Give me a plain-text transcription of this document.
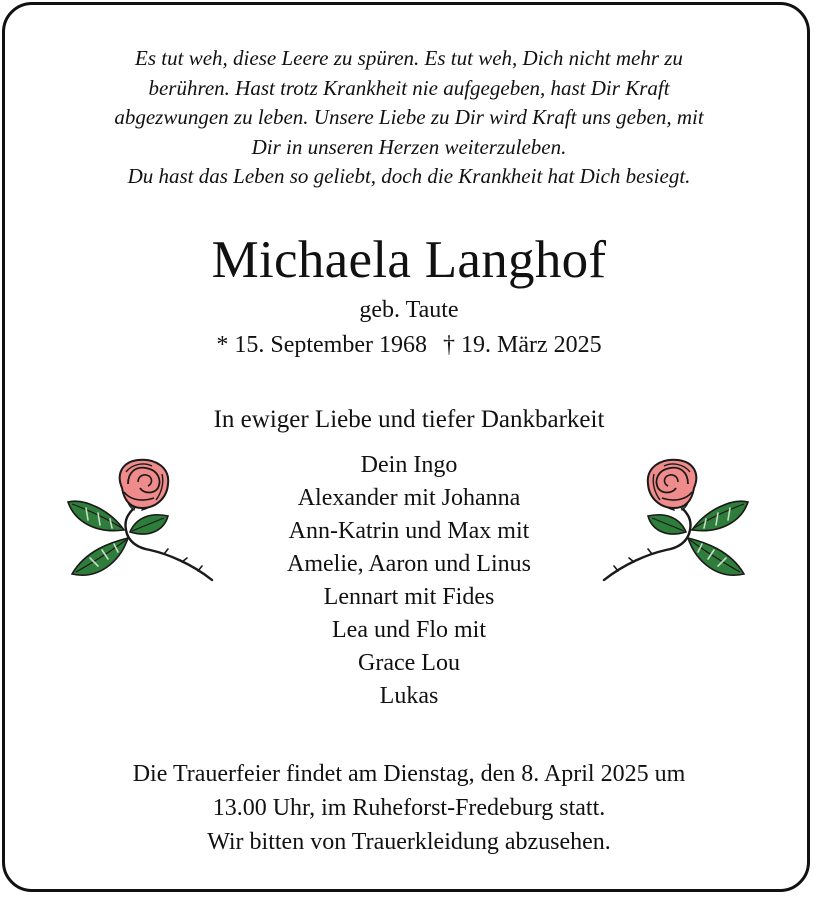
Es tut weh, diese Leere zu spüren. Es tut weh, Dich nicht mehr zu
berühren. Hast trotz Krankheit nie aufgegeben, hast Dir Kraft
abgezwungen zu leben. Unsere Liebe zu Dir wird Kraft uns geben, mit
Dir in unseren Herzen weiterzuleben.
Du hast das Leben so geliebt, doch die Krankheit hat Dich besiegt.
Michaela Langhof
geb. Taute
* 15. September 1968 † 19. März 2025
In ewiger Liebe und tiefer Dankbarkeit
Dein Ingo
Alexander mit Johanna
Ann-Katrin und Max mit
Amelie, Aaron und Linus
Lennart mit Fides
Lea und Flo mit
Grace Lou
Lukas
Die Trauerfeier findet am Dienstag, den 8. April 2025 um
13.00 Uhr, im Ruheforst-Fredeburg statt.
Wir bitten von Trauerkleidung abzusehen.
